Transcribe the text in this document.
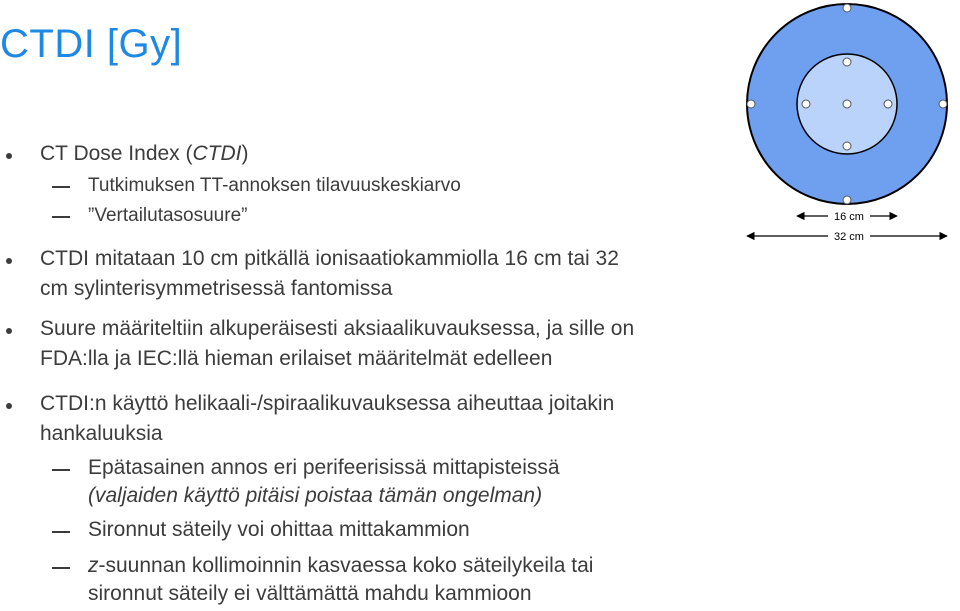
CTDI [Gy]
CT Dose Index (CTDI)
Tutkimuksen TT-annoksen tilavuuskeskiarvo
”Vertailutasosuure”
CTDI mitataan 10 cm pitkällä ionisaatiokammiolla 16 cm tai 32
cm sylinterisymmetrisessä fantomissa
Suure määriteltiin alkuperäisesti aksiaalikuvauksessa, ja sille on
FDA:lla ja IEC:llä hieman erilaiset määritelmät edelleen
CTDI:n käyttö helikaali-/spiraalikuvauksessa aiheuttaa joitakin
hankaluuksia
Epätasainen annos eri perifeerisissä mittapisteissä
(valjaiden käyttö pitäisi poistaa tämän ongelman)
Sironnut säteily voi ohittaa mittakammion
z-suunnan kollimoinnin kasvaessa koko säteilykeila tai
sironnut säteily ei välttämättä mahdu kammioon
16 cm
32 cm
